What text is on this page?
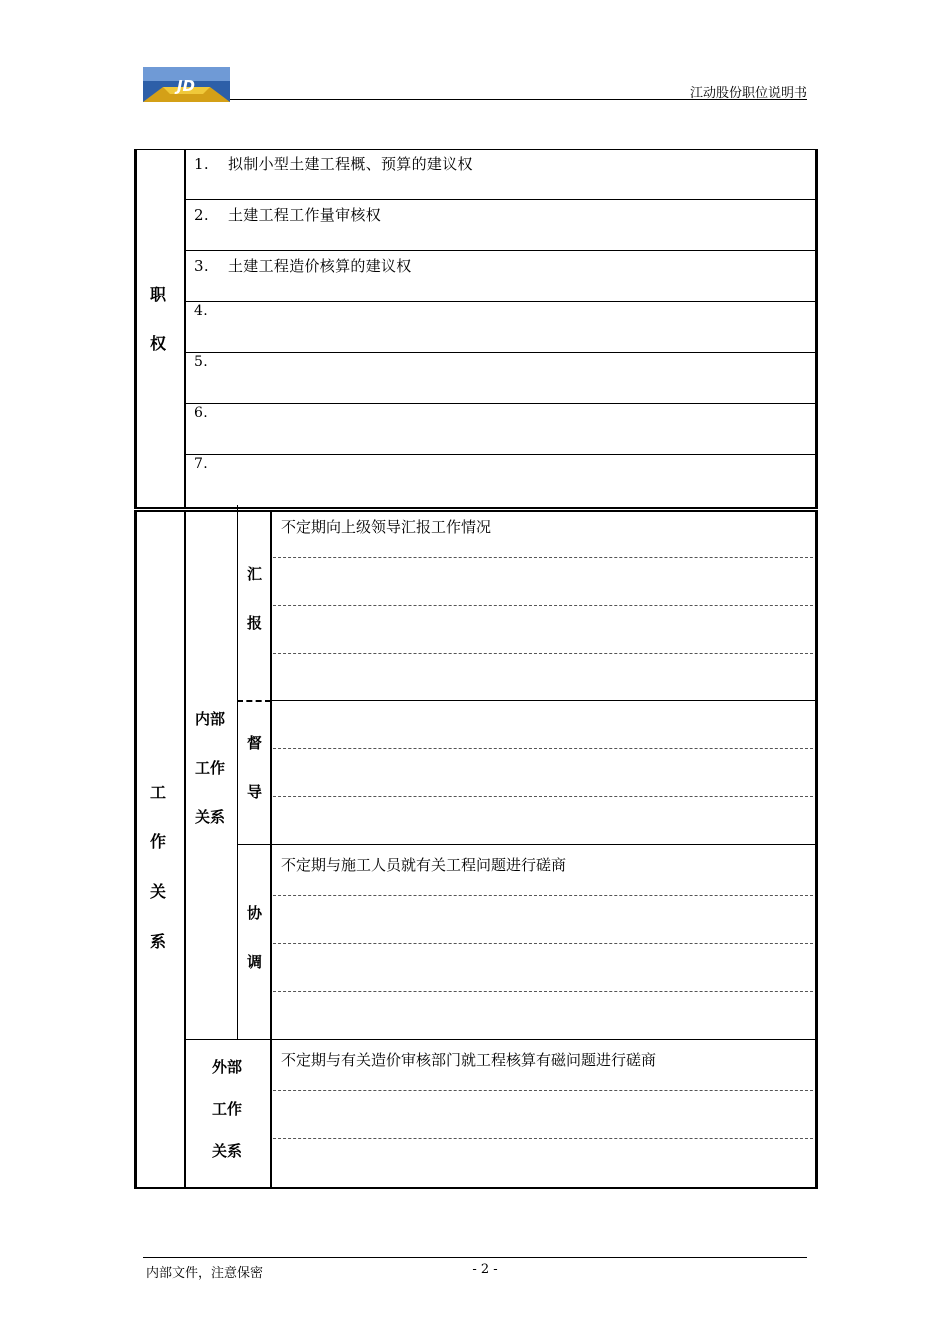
JD	江动股份职位说明书
职
权
1. 拟制小型土建工程概、预算的建议权
2. 土建工程工作量审核权
3. 土建工程造价核算的建议权
4.
5.
6.
7.
工
作
关
系
内部
工作
关系
汇
报
督
导
协
调
外部
工作
关系
不定期向上级领导汇报工作情况
不定期与施工人员就有关工程问题进行磋商
不定期与有关造价审核部门就工程核算有磁问题进行磋商
内部文件，注意保密	- 2 -
